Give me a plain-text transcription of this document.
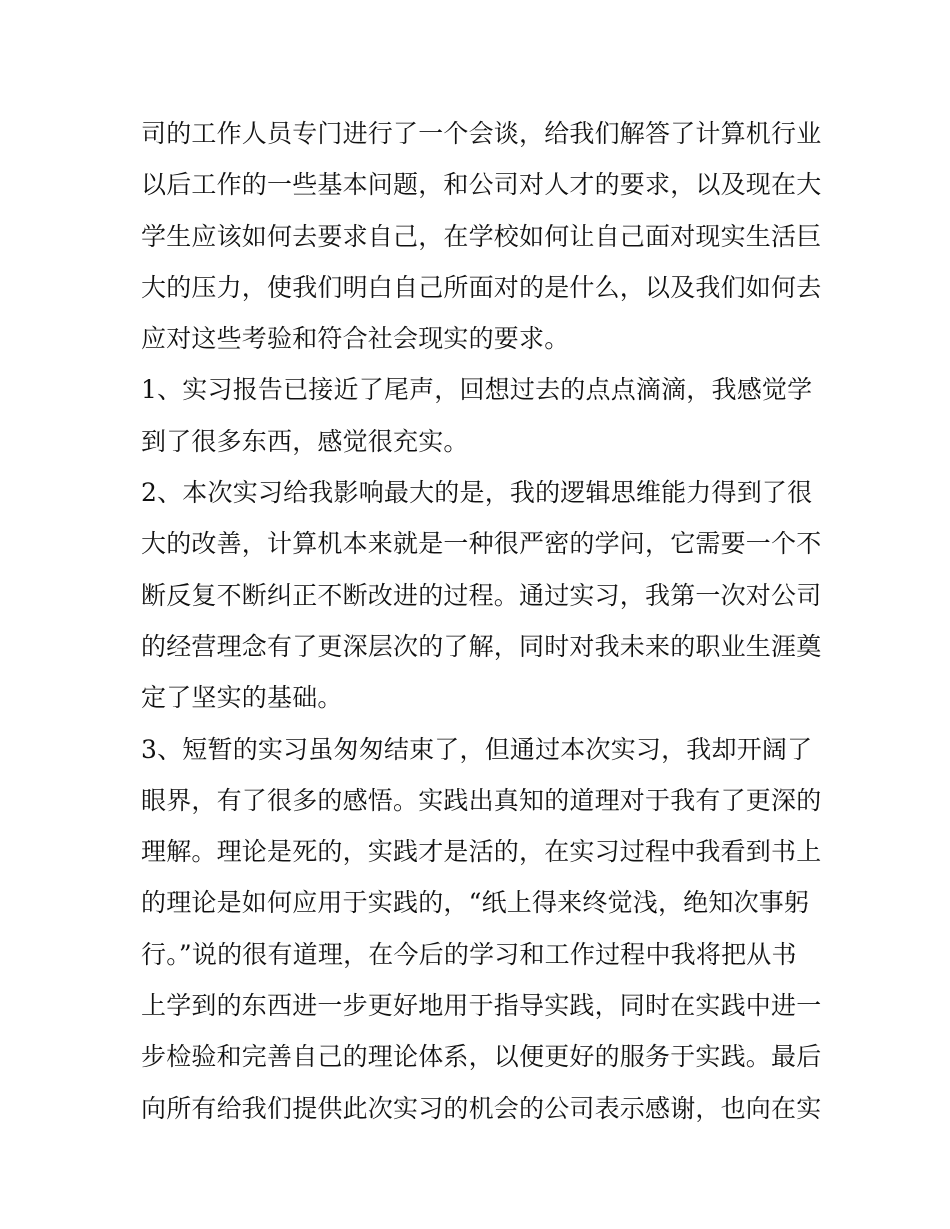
司的工作人员专门进行了一个会谈，给我们解答了计算机行业
以后工作的一些基本问题，和公司对人才的要求，以及现在大
学生应该如何去要求自己，在学校如何让自己面对现实生活巨
大的压力，使我们明白自己所面对的是什么，以及我们如何去
应对这些考验和符合社会现实的要求。
1、实习报告已接近了尾声，回想过去的点点滴滴，我感觉学
到了很多东西，感觉很充实。
2、本次实习给我影响最大的是，我的逻辑思维能力得到了很
大的改善，计算机本来就是一种很严密的学问，它需要一个不
断反复不断纠正不断改进的过程。通过实习，我第一次对公司
的经营理念有了更深层次的了解，同时对我未来的职业生涯奠
定了坚实的基础。
3、短暂的实习虽匆匆结束了，但通过本次实习，我却开阔了
眼界，有了很多的感悟。实践出真知的道理对于我有了更深的
理解。理论是死的，实践才是活的，在实习过程中我看到书上
的理论是如何应用于实践的，“纸上得来终觉浅，绝知次事躬
行。”说的很有道理，在今后的学习和工作过程中我将把从书
上学到的东西进一步更好地用于指导实践，同时在实践中进一
步检验和完善自己的理论体系，以便更好的服务于实践。最后
向所有给我们提供此次实习的机会的公司表示感谢，也向在实
